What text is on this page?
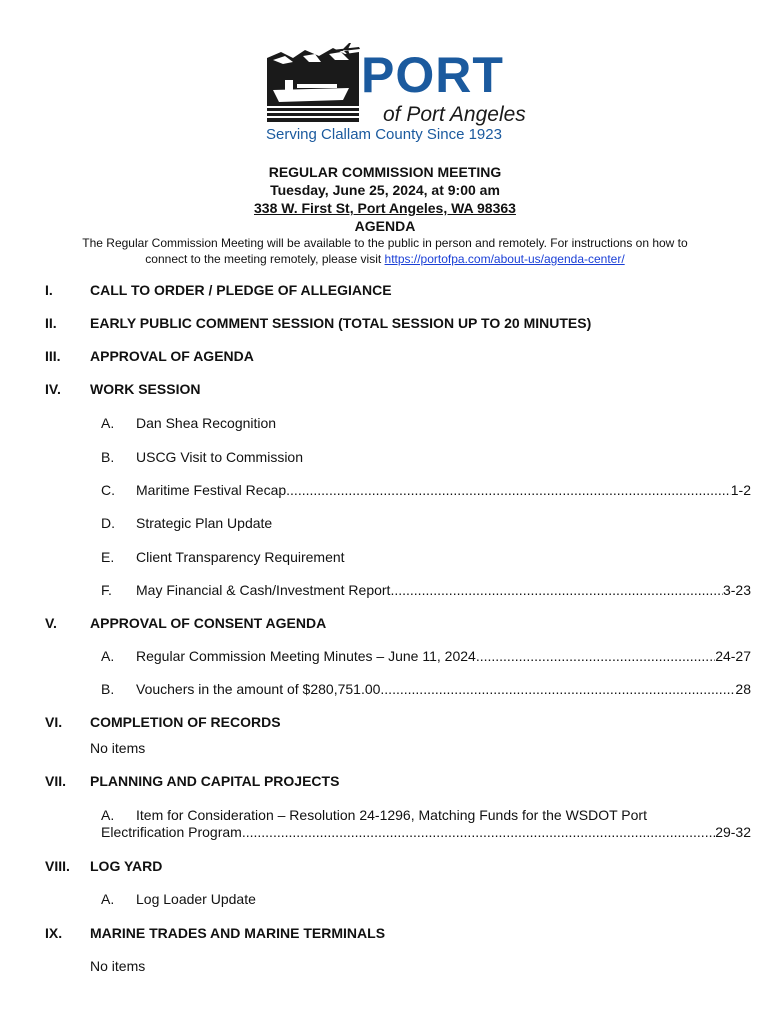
PORT
of Port Angeles
Serving Clallam County Since 1923
REGULAR COMMISSION MEETING
Tuesday, June 25, 2024, at 9:00 am
338 W. First St, Port Angeles, WA 98363
AGENDA
The Regular Commission Meeting will be available to the public in person and remotely. For instructions on how to connect to the meeting remotely, please visit https://portofpa.com/about-us/agenda-center/
I.	CALL TO ORDER / PLEDGE OF ALLEGIANCE
II. EARLY PUBLIC COMMENT SESSION (TOTAL SESSION UP TO 20 MINUTES)
III. APPROVAL OF AGENDA
IV. WORK SESSION
A. Dan Shea Recognition
B. USCG Visit to Commission
C. Maritime Festival Recap .....	1-2
D. Strategic Plan Update
E. Client Transparency Requirement
F. May Financial & Cash/Investment Report .....	3-23
V. APPROVAL OF CONSENT AGENDA
A. Regular Commission Meeting Minutes – June 11, 2024 .....	24-27
B. Vouchers in the amount of $280,751.00 .....	28
VI. COMPLETION OF RECORDS
No items
VII. PLANNING AND CAPITAL PROJECTS
A. Item for Consideration – Resolution 24-1296, Matching Funds for the WSDOT Port
Electrification Program .....	29-32
VIII. LOG YARD
A. Log Loader Update
IX. MARINE TRADES AND MARINE TERMINALS
No items
